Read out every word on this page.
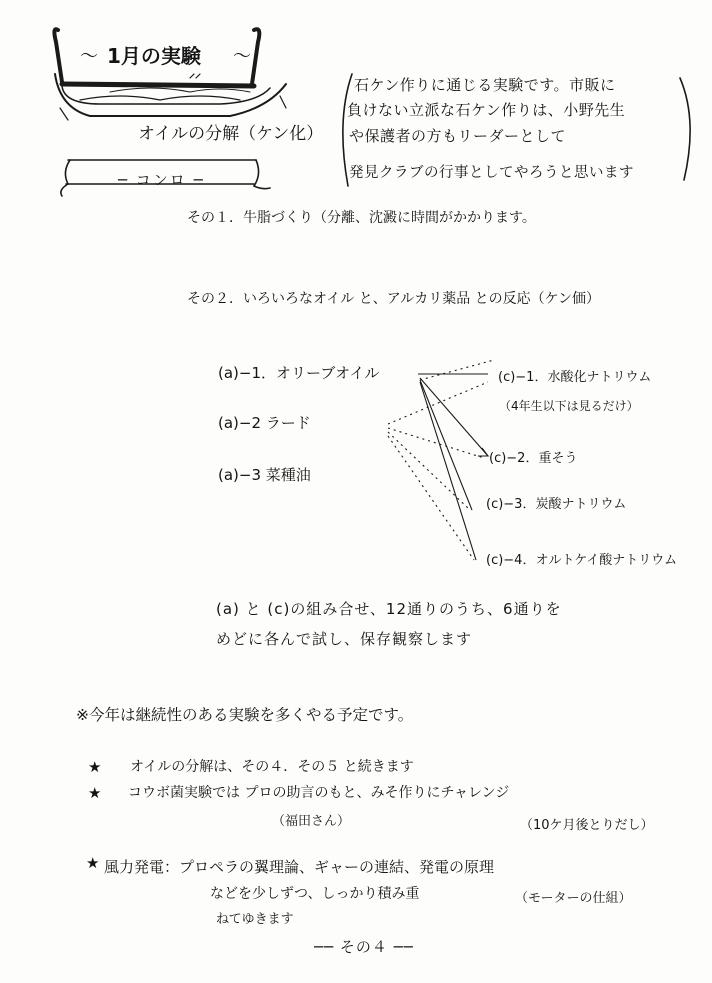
〜 1月の実験 〜
オイルの分解（ケン化）
─ コンロ ─
石ケン作りに通じる実験です。市販に
負けない立派な石ケン作りは、小野先生
や保護者の方もリーダーとして
発見クラブの行事としてやろうと思います
その１．牛脂づくり（分離、沈澱に時間がかかります。
その２．いろいろなオイル と、アルカリ薬品 との反応（ケン価）
(a)−1．オリーブオイル
(a)−2 ラード
(a)−3 菜種油
(c)−1．水酸化ナトリウム
（4年生以下は見るだけ）
(c)−2．重そう
(c)−3．炭酸ナトリウム
(c)−4．オルトケイ酸ナトリウム
(a) と (c)の組み合せ、12通りのうち、6通りを
めどに各んで試し、保存観察します
※今年は継続性のある実験を多くやる予定です。
★ オイルの分解は、その４．その５ と続きます
★ コウボ菌実験では プロの助言のもと、みそ作りにチャレンジ
（福田さん）	（10ケ月後とりだし）
★ 風力発電：プロペラの翼理論、ギャーの連結、発電の原理
などを少しずつ、しっかり積み重	（モーターの仕組）
ねてゆきます
── その４ ──
